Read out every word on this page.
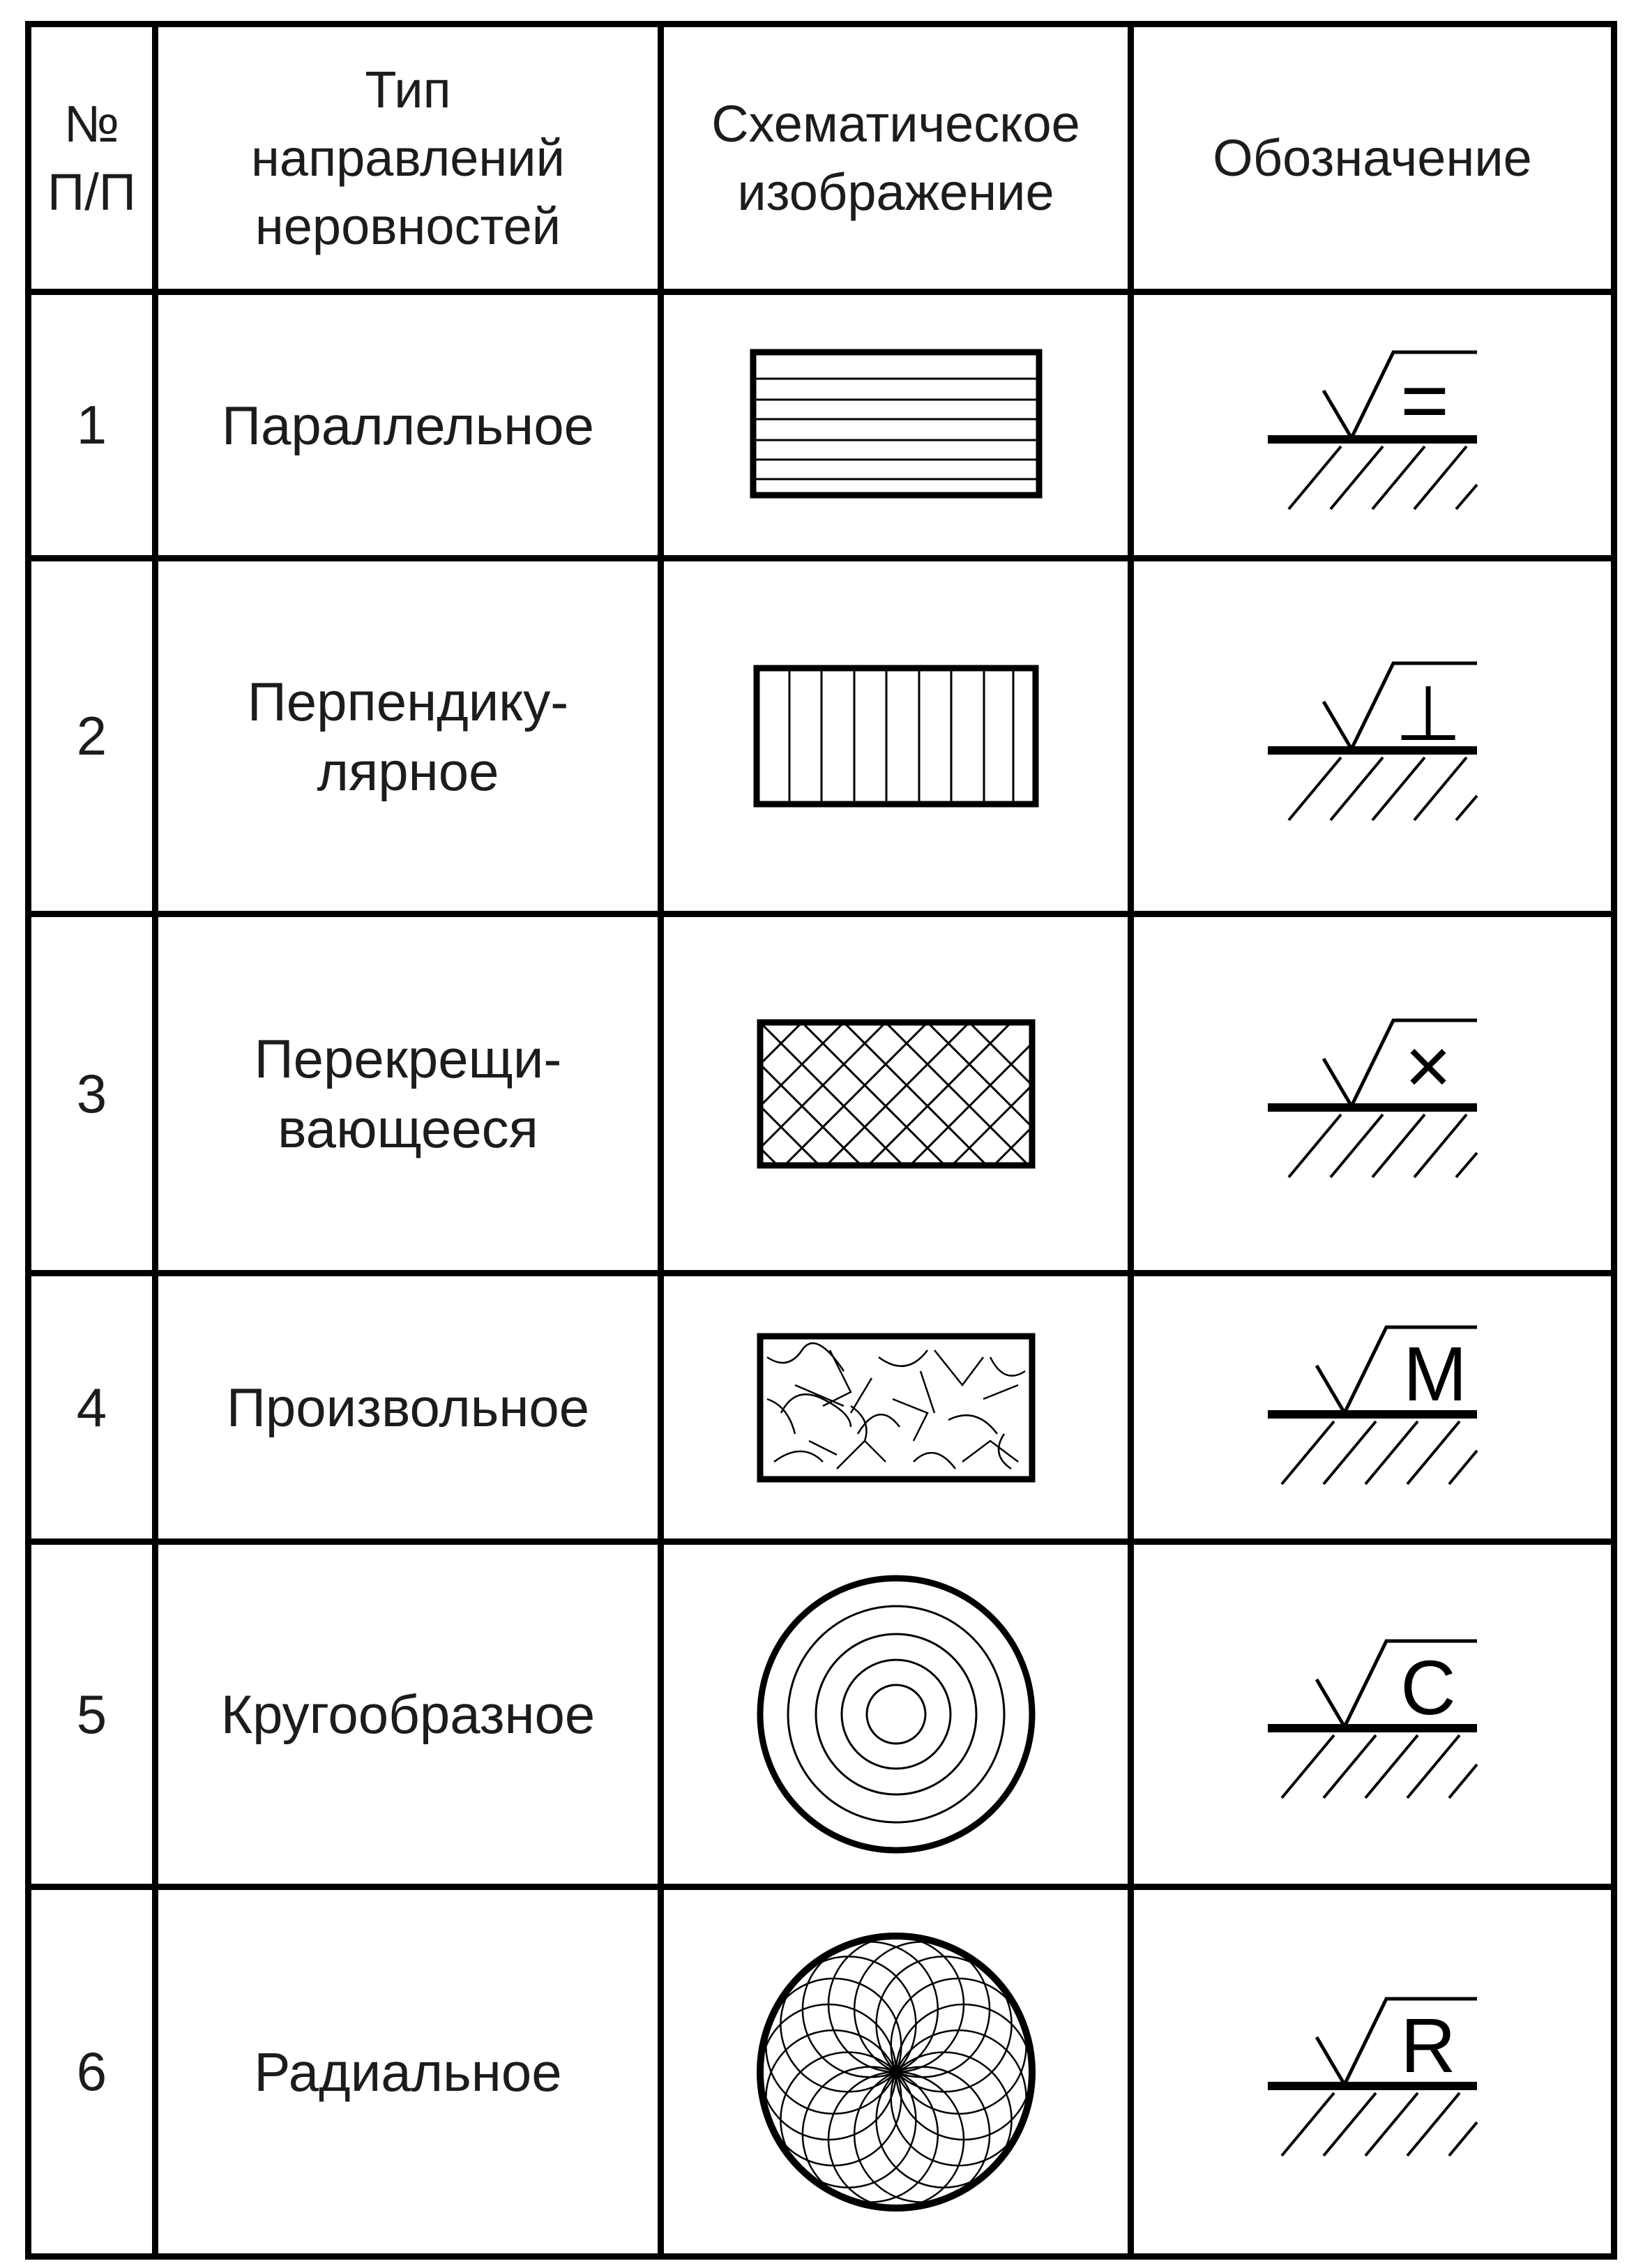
№ П/П	Тип направлений неровностей	Схематическое изображение	Обозначение
1	Параллельное		=

2	Перпендику-лярное		⊥

3	Перекрещи-вающееся		×

4	Произвольное		M

5	Кругообразное		C

6	Радиальное		R
